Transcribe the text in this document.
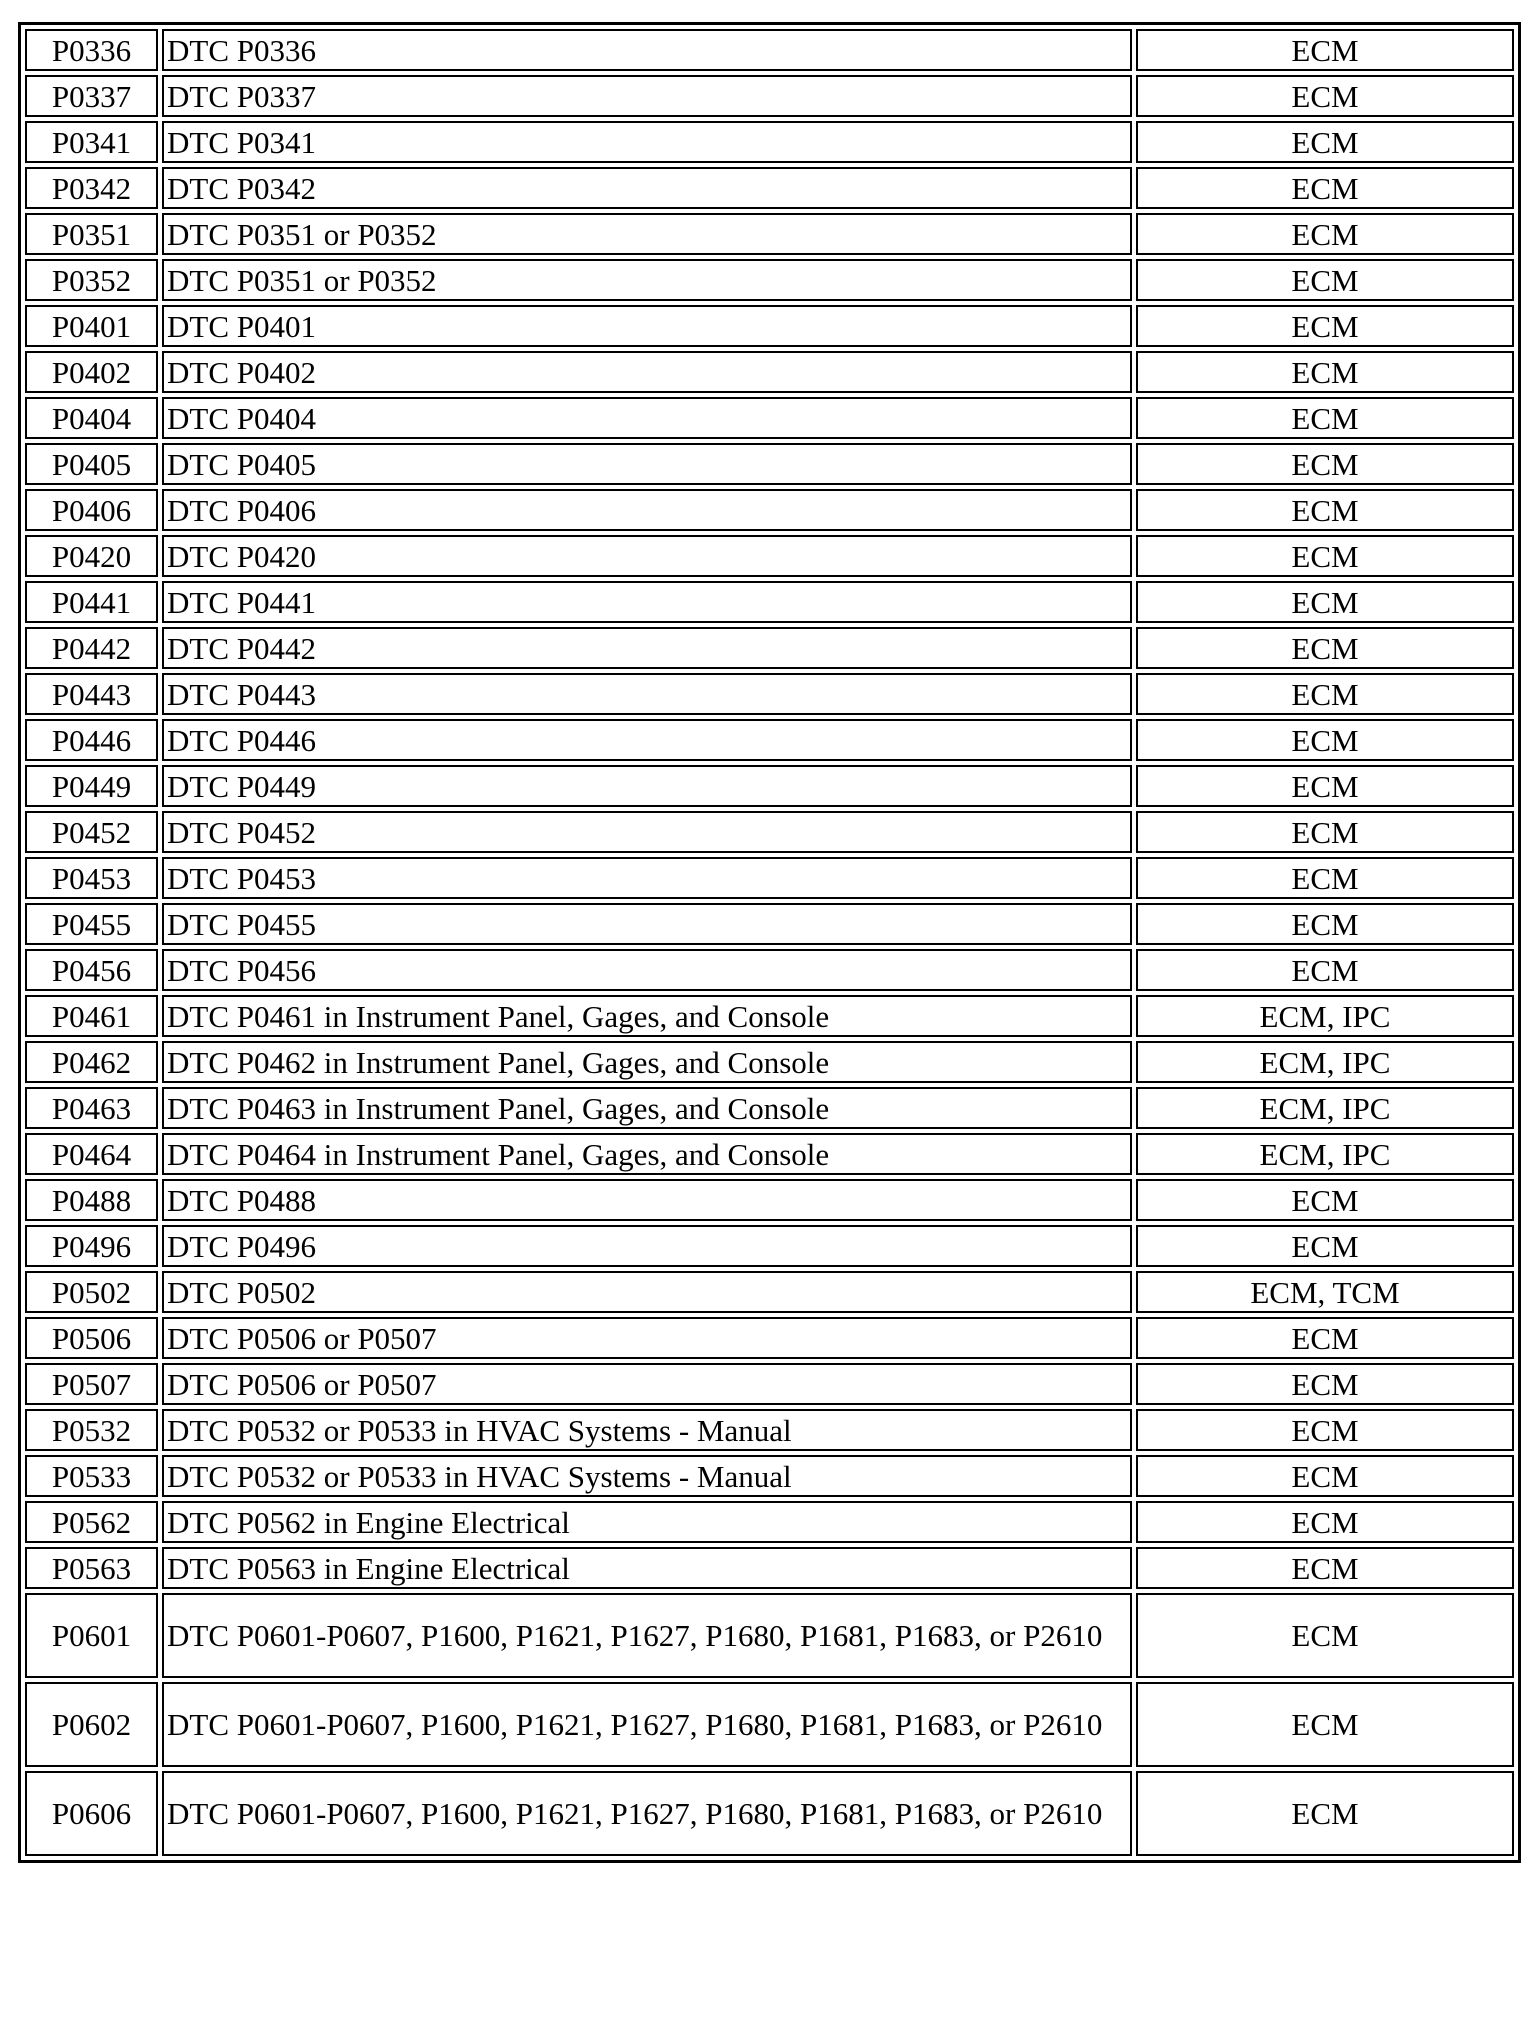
P0336	DTC P0336	ECM
P0337	DTC P0337	ECM
P0341	DTC P0341	ECM
P0342	DTC P0342	ECM
P0351	DTC P0351 or P0352	ECM
P0352	DTC P0351 or P0352	ECM
P0401	DTC P0401	ECM
P0402	DTC P0402	ECM
P0404	DTC P0404	ECM
P0405	DTC P0405	ECM
P0406	DTC P0406	ECM
P0420	DTC P0420	ECM
P0441	DTC P0441	ECM
P0442	DTC P0442	ECM
P0443	DTC P0443	ECM
P0446	DTC P0446	ECM
P0449	DTC P0449	ECM
P0452	DTC P0452	ECM
P0453	DTC P0453	ECM
P0455	DTC P0455	ECM
P0456	DTC P0456	ECM
P0461	DTC P0461 in Instrument Panel, Gages, and Console	ECM, IPC
P0462	DTC P0462 in Instrument Panel, Gages, and Console	ECM, IPC
P0463	DTC P0463 in Instrument Panel, Gages, and Console	ECM, IPC
P0464	DTC P0464 in Instrument Panel, Gages, and Console	ECM, IPC
P0488	DTC P0488	ECM
P0496	DTC P0496	ECM
P0502	DTC P0502	ECM, TCM
P0506	DTC P0506 or P0507	ECM
P0507	DTC P0506 or P0507	ECM
P0532	DTC P0532 or P0533 in HVAC Systems - Manual	ECM
P0533	DTC P0532 or P0533 in HVAC Systems - Manual	ECM
P0562	DTC P0562 in Engine Electrical	ECM
P0563	DTC P0563 in Engine Electrical	ECM
P0601	DTC P0601-P0607, P1600, P1621, P1627, P1680, P1681, P1683, or P2610	ECM
P0602	DTC P0601-P0607, P1600, P1621, P1627, P1680, P1681, P1683, or P2610	ECM
P0606	DTC P0601-P0607, P1600, P1621, P1627, P1680, P1681, P1683, or P2610	ECM
